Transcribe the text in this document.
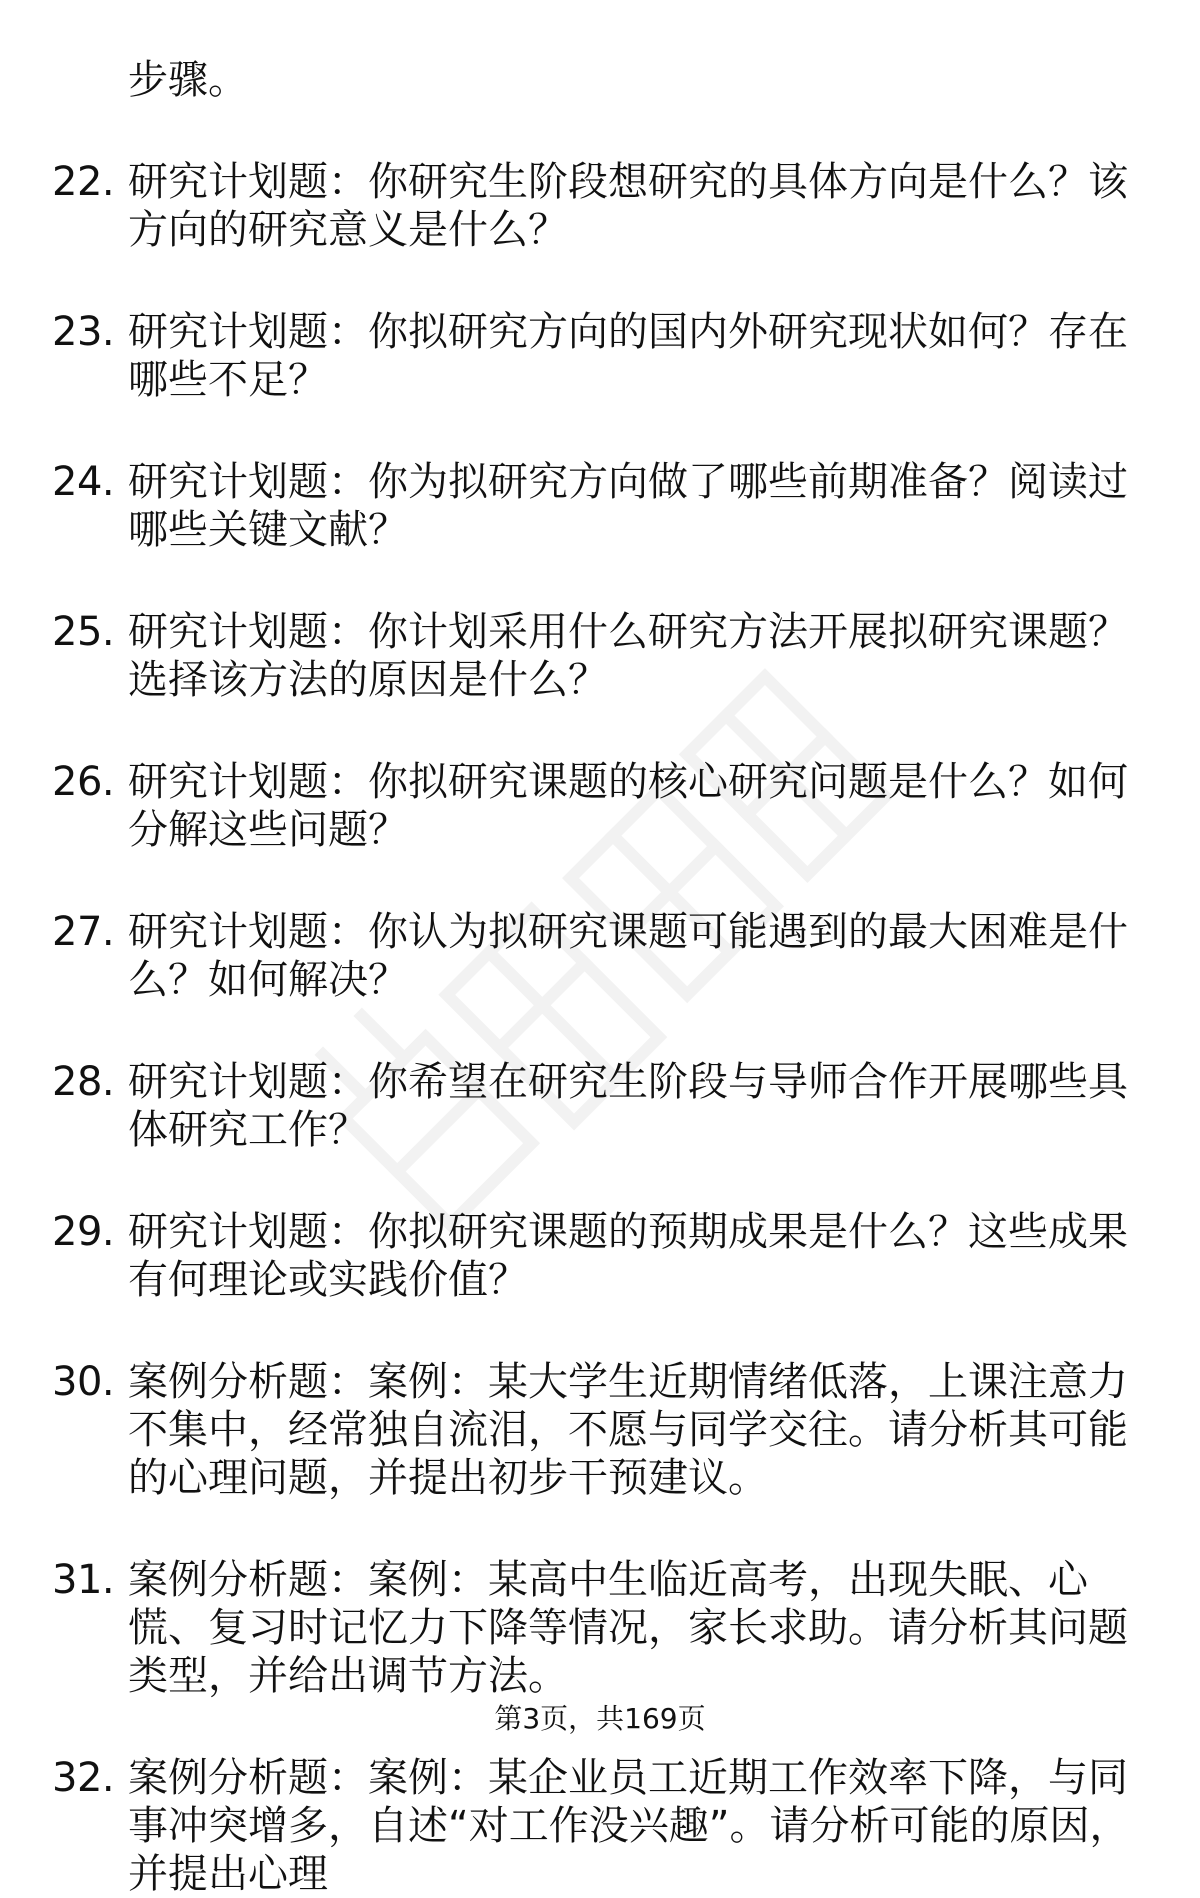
步骤。
22. 研究计划题：你研究生阶段想研究的具体方向是什么？该方向的研究意义是什么？
23. 研究计划题：你拟研究方向的国内外研究现状如何？存在哪些不足？
24. 研究计划题：你为拟研究方向做了哪些前期准备？阅读过哪些关键文献？
25. 研究计划题：你计划采用什么研究方法开展拟研究课题？选择该方法的原因是什么？
26. 研究计划题：你拟研究课题的核心研究问题是什么？如何分解这些问题？
27. 研究计划题：你认为拟研究课题可能遇到的最大困难是什么？如何解决？
28. 研究计划题：你希望在研究生阶段与导师合作开展哪些具体研究工作？
29. 研究计划题：你拟研究课题的预期成果是什么？这些成果有何理论或实践价值？
30. 案例分析题：案例：某大学生近期情绪低落，上课注意力不集中，经常独自流泪，不愿与同学交往。请分析其可能的心理问题，并提出初步干预建议。
31. 案例分析题：案例：某高中生临近高考，出现失眠、心慌、复习时记忆力下降等情况，家长求助。请分析其问题类型，并给出调节方法。
32. 案例分析题：案例：某企业员工近期工作效率下降，与同事冲突增多，自述“对工作没兴趣”。请分析可能的原因，并提出心理
第3页，共169页
